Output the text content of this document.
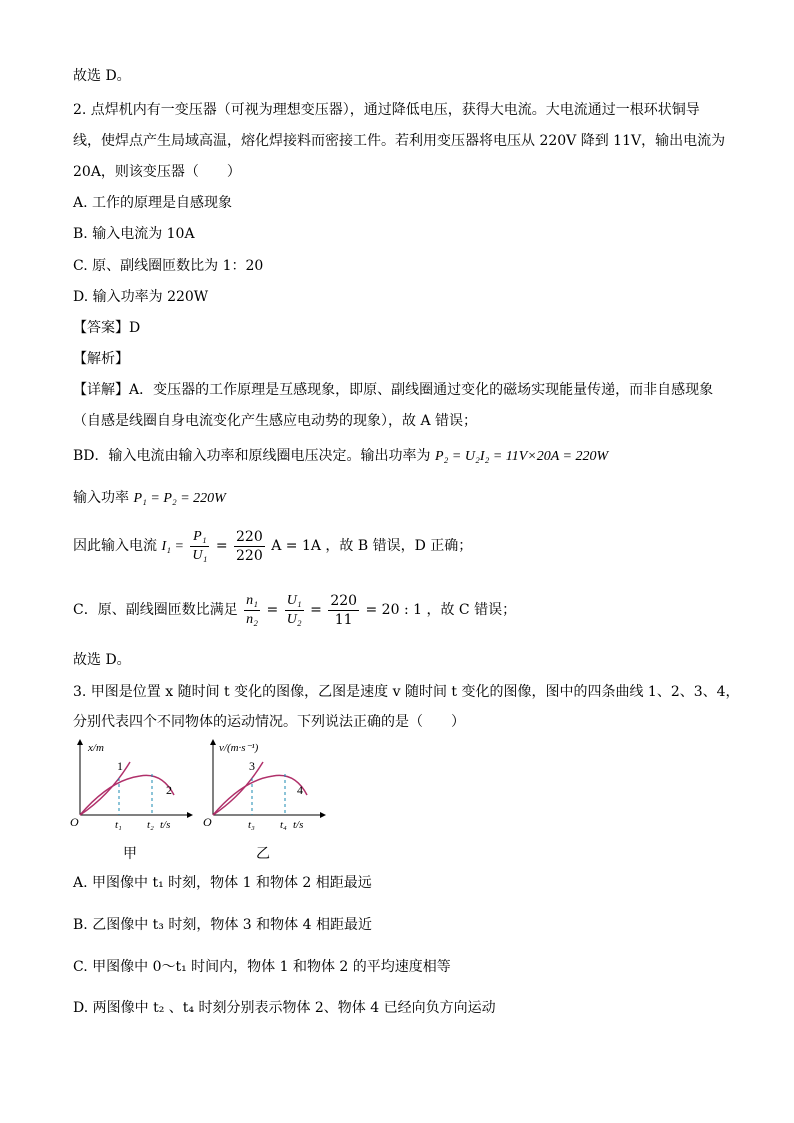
故选 D。
2. 点焊机内有一变压器（可视为理想变压器），通过降低电压，获得大电流。大电流通过一根环状铜导
线，使焊点产生局域高温，熔化焊接料而密接工件。若利用变压器将电压从 220V 降到 11V，输出电流为
20A，则该变压器（　　）
A. 工作的原理是自感现象
B. 输入电流为 10A
C. 原、副线圈匝数比为 1：20
D. 输入功率为 220W
【答案】D
【解析】
【详解】A．变压器的工作原理是互感现象，即原、副线圈通过变化的磁场实现能量传递，而非自感现象
（自感是线圈自身电流变化产生感应电动势的现象），故 A 错误；
BD．输入电流由输入功率和原线圈电压决定。输出功率为 P₂ = U₂I₂ = 11V×20A = 220W
输入功率 P₁ = P₂ = 220W
因此输入电流 $I_1 = \frac{\text{P₁}}{\text{U₁}} = \frac{220}{220}$ A = 1A ，故 B 错误，D 正确；
C．原、副线圈匝数比满足 $\frac{\text{n₁}}{\text{n₂}} = \frac{\text{U₁}}{\text{U₂}} = \frac{220}{11} = 20$ : 1 ，故 C 错误；
故选 D。
3. 甲图是位置 x 随时间 t 变化的图像，乙图是速度 v 随时间 t 变化的图像，图中的四条曲线 1、2、3、4，
分别代表四个不同物体的运动情况。下列说法正确的是（　　）
x/m
O
1
2
t₁ t₂ t/s
甲
v/(m·s⁻¹)
O
3
4
t₃ t₄ t/s
乙
A. 甲图像中 t₁ 时刻，物体 1 和物体 2 相距最远
B. 乙图像中 t₃ 时刻，物体 3 和物体 4 相距最近
C. 甲图像中 0～t₁ 时间内，物体 1 和物体 2 的平均速度相等
D. 两图像中 t₂ 、t₄ 时刻分别表示物体 2、物体 4 已经向负方向运动
